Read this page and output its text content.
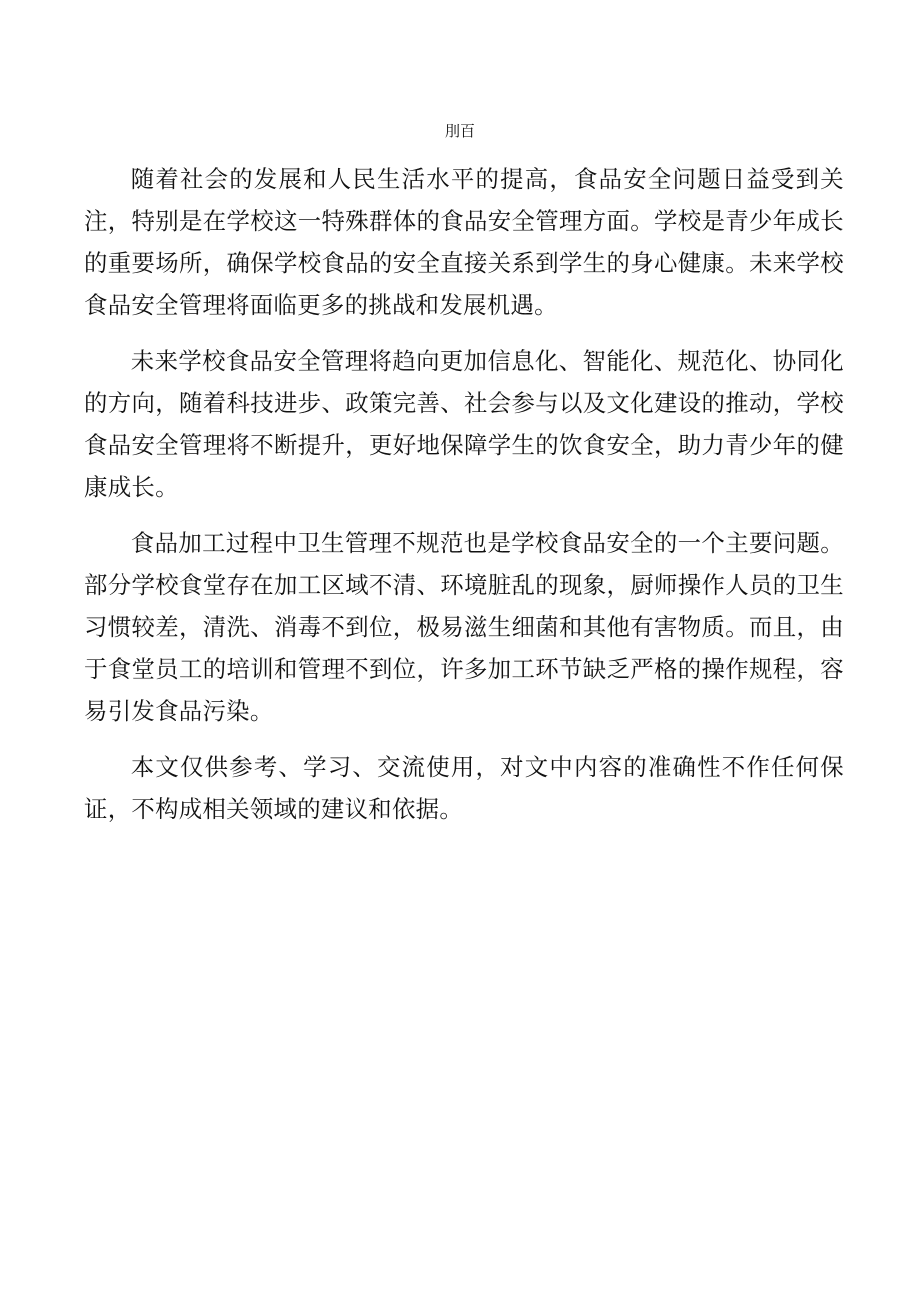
刖百

随着社会的发展和人民生活水平的提高，食品安全问题日益受到关注，特别是在学校这一特殊群体的食品安全管理方面。学校是青少年成长的重要场所，确保学校食品的安全直接关系到学生的身心健康。未来学校食品安全管理将面临更多的挑战和发展机遇。

未来学校食品安全管理将趋向更加信息化、智能化、规范化、协同化的方向，随着科技进步、政策完善、社会参与以及文化建设的推动，学校食品安全管理将不断提升，更好地保障学生的饮食安全，助力青少年的健康成长。

食品加工过程中卫生管理不规范也是学校食品安全的一个主要问题。部分学校食堂存在加工区域不清、环境脏乱的现象，厨师操作人员的卫生习惯较差，清洗、消毒不到位，极易滋生细菌和其他有害物质。而且，由于食堂员工的培训和管理不到位，许多加工环节缺乏严格的操作规程，容易引发食品污染。

本文仅供参考、学习、交流使用，对文中内容的准确性不作任何保证，不构成相关领域的建议和依据。
